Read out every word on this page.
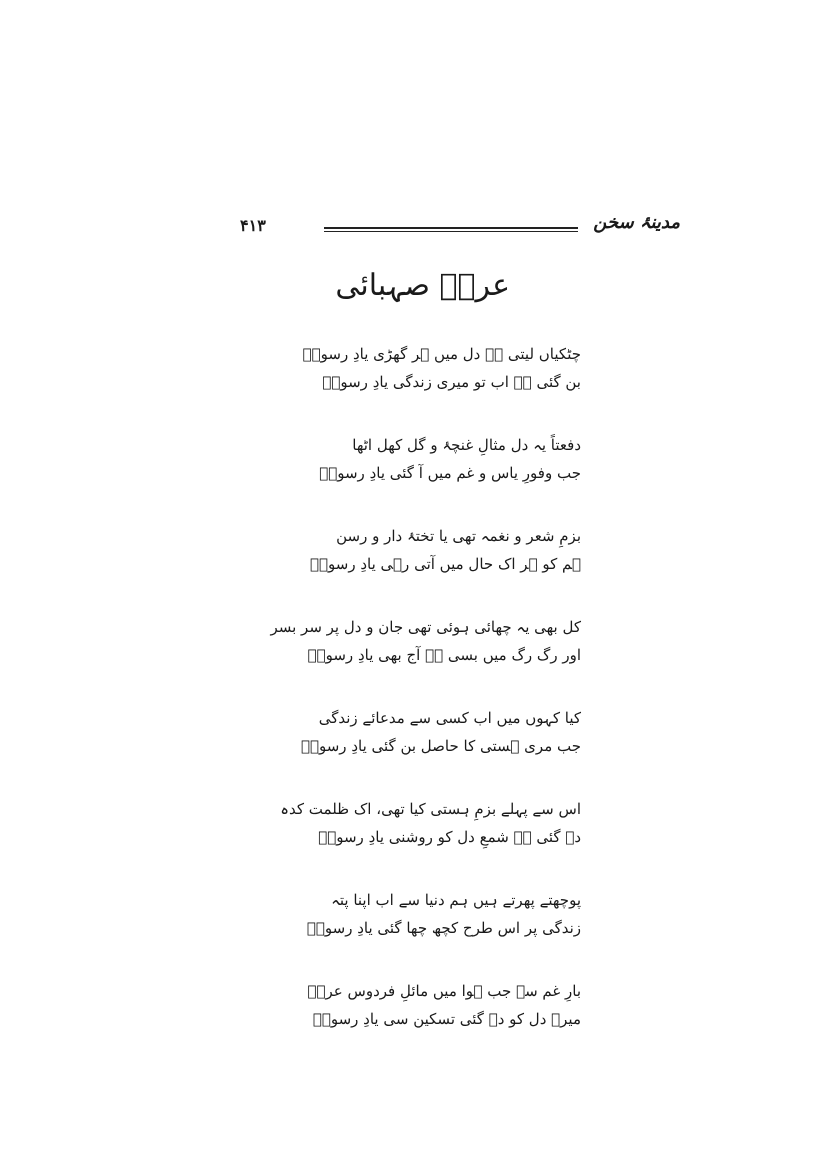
۴۱۳	مدینۂ سخن
عرشؔ صہبائی
چٹکیاں لیتی ہے دل میں ہر گھڑی یادِ رسولؐ
بن گئی ہے اب تو میری زندگی یادِ رسولؐ
دفعتاً یہ دل مثالِ غنچۂ و گل کھل اٹھا
جب وفورِ یاس و غم میں آ گئی یادِ رسولؐ
بزمِ شعر و نغمہ تھی یا تختۂ دار و رسن
ہم کو ہر اک حال میں آتی رہی یادِ رسولؐ
کل بھی یہ چھائی ہوئی تھی جان و دل پر سر بسر
اور رگ رگ میں بسی ہے آج بھی یادِ رسولؐ
کیا کہوں میں اب کسی سے مدعائے زندگی
جب مری ہستی کا حاصل بن گئی یادِ رسولؐ
اس سے پہلے بزمِ ہستی کیا تھی، اک ظلمت کدہ
دے گئی ہے شمعِ دل کو روشنی یادِ رسولؐ
پوچھتے پھرتے ہیں ہم دنیا سے اب اپنا پتہ
زندگی پر اس طرح کچھ چھا گئی یادِ رسولؐ
بارِ غم سے جب ہوا میں مائلِ فردوس عرشؔ
میرے دل کو دے گئی تسکین سی یادِ رسولؐ
